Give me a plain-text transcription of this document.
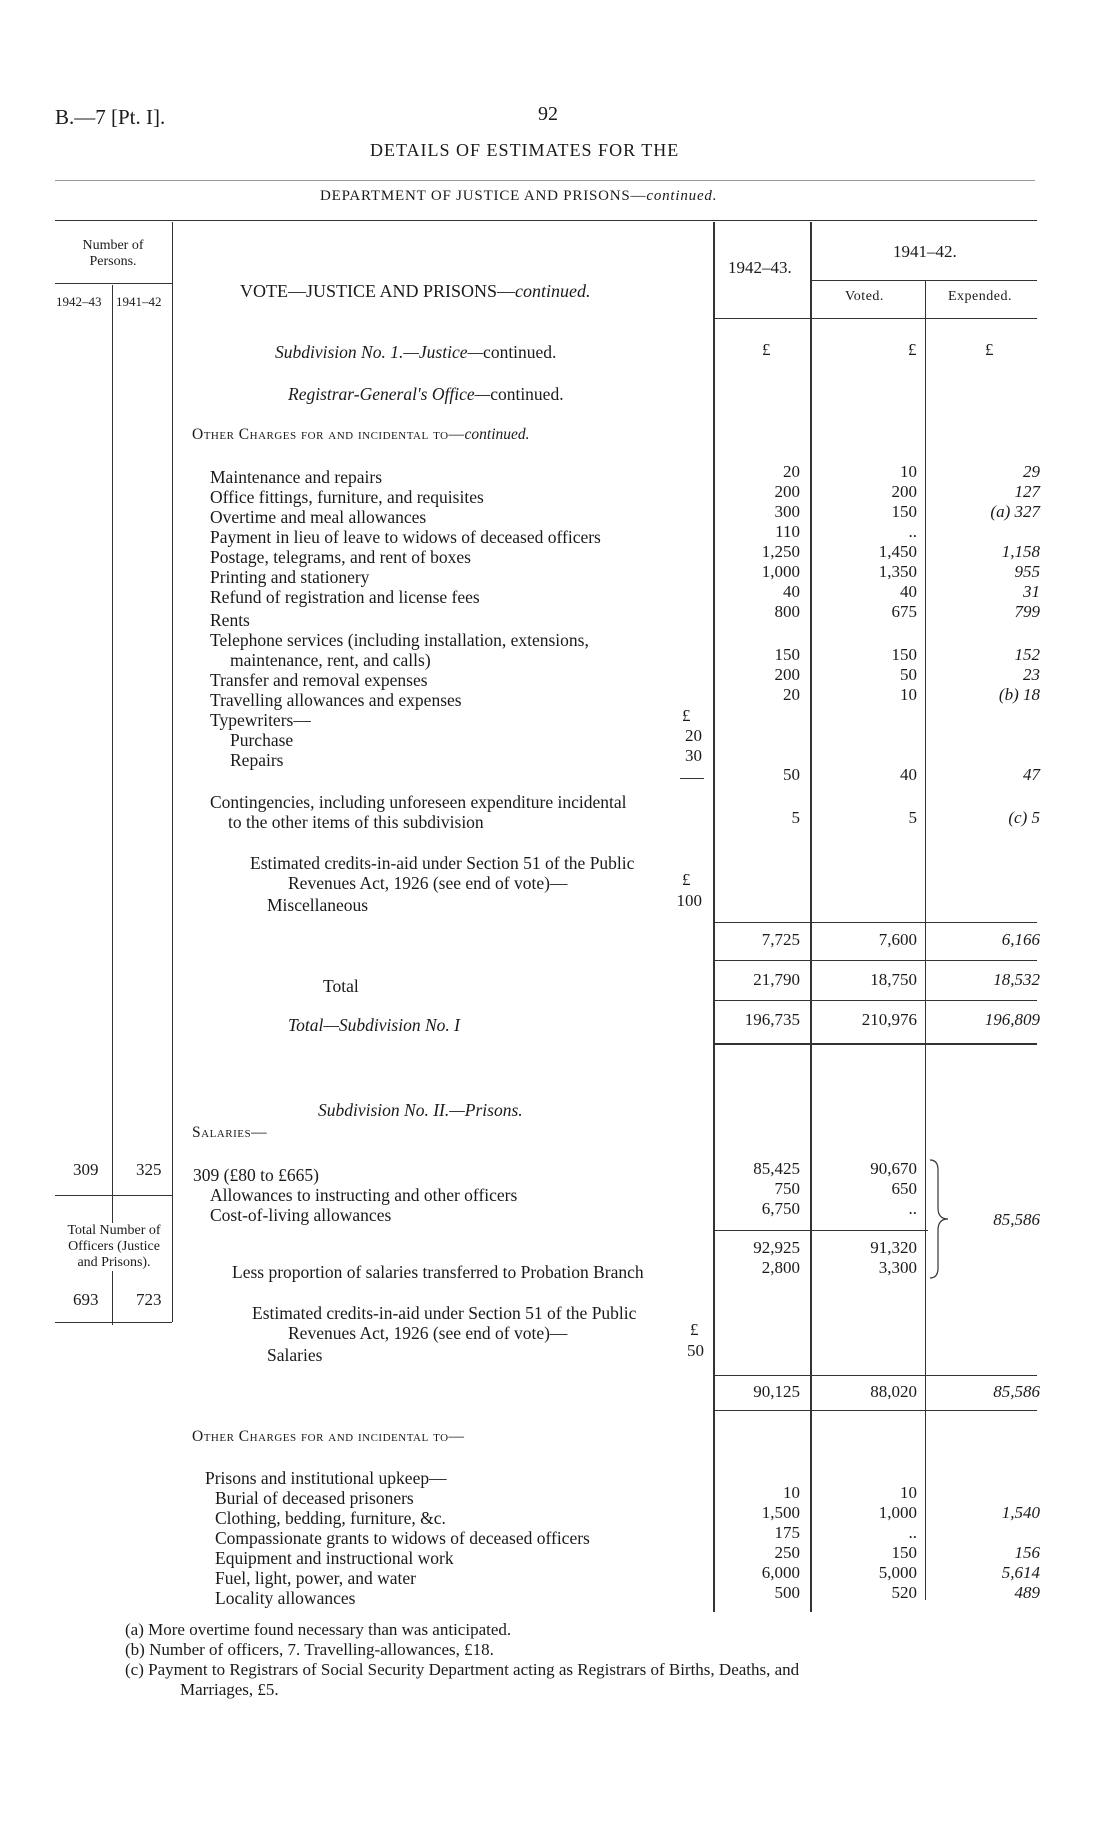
B.—7 [Pt. I].	92
DETAILS OF ESTIMATES FOR THE
DEPARTMENT OF JUSTICE AND PRISONS—continued.
Number of Persons.
1942–43 1941–42
1942–43.
1941–42.
Voted.	Expended.
VOTE—JUSTICE AND PRISONS—continued.
£	£	£
Subdivision No. 1.—Justice—continued.
Registrar-General's Office—continued.
Other Charges for and incidental to—continued.
Maintenance and repairs	20	10	29
Office fittings, furniture, and requisites	200	200	127
Overtime and meal allowances	300	150	(a) 327
Payment in lieu of leave to widows of deceased officers	110	..
Postage, telegrams, and rent of boxes	1,250	1,450	1,158
Printing and stationery	1,000	1,350	955
Refund of registration and license fees	40	40	31
Rents	800	675	799
Telephone services (including installation, extensions,
maintenance, rent, and calls)	150	150	152
Transfer and removal expenses	200	50	23
Travelling allowances and expenses	20	10	(b) 18
Typewriters—	£
Purchase	20
Repairs	30
50	40	47
Contingencies, including unforeseen expenditure incidental
to the other items of this subdivision	5	5	(c) 5
Estimated credits-in-aid under Section 51 of the Public
Revenues Act, 1926 (see end of vote)—	£
Miscellaneous	100
7,725	7,600	6,166
Total	21,790	18,750	18,532
Total—Subdivision No. I	196,735	210,976	196,809
Subdivision No. II.—Prisons.
Salaries—
309 325
Total Number of Officers (Justice and Prisons).
693 723
309 (£80 to £665)	85,425	90,670
Allowances to instructing and other officers	750	650
Cost-of-living allowances	6,750	..
85,586
92,925	91,320
Less proportion of salaries transferred to Probation Branch	2,800	3,300
Estimated credits-in-aid under Section 51 of the Public
Revenues Act, 1926 (see end of vote)—	£
Salaries	50
90,125	88,020	85,586
Other Charges for and incidental to—
Prisons and institutional upkeep—
Burial of deceased prisoners	10	10
Clothing, bedding, furniture, &c.	1,500	1,000	1,540
Compassionate grants to widows of deceased officers	175	..
Equipment and instructional work	250	150	156
Fuel, light, power, and water	6,000	5,000	5,614
Locality allowances	500	520	489
(a) More overtime found necessary than was anticipated.
(b) Number of officers, 7. Travelling-allowances, £18.
(c) Payment to Registrars of Social Security Department acting as Registrars of Births, Deaths, and
Marriages, £5.
